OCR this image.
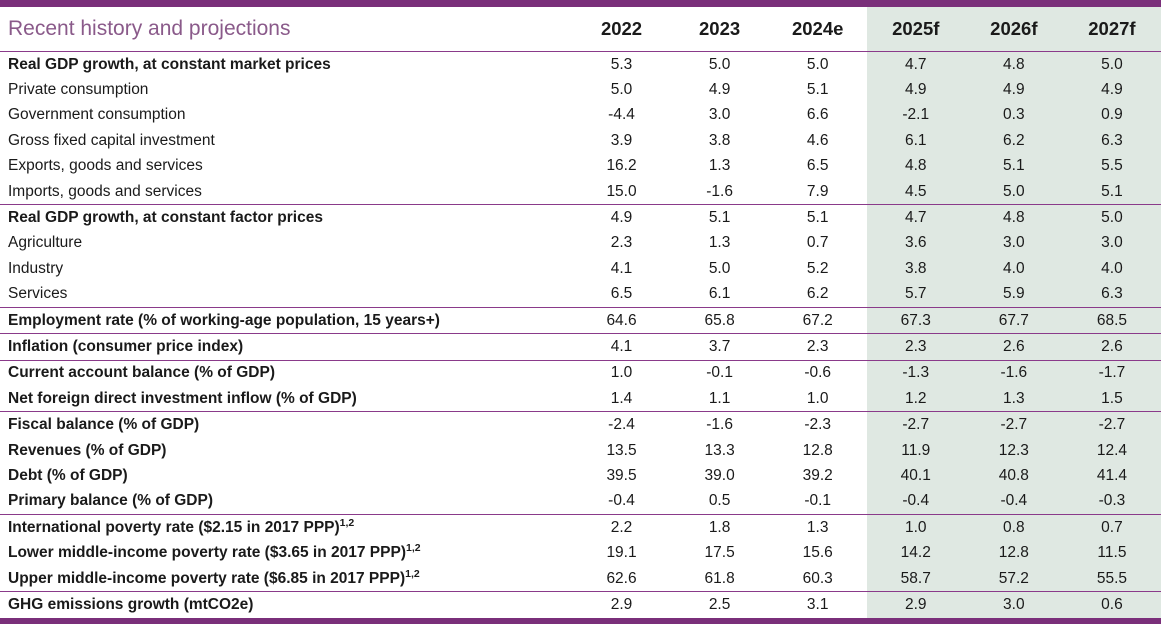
Recent history and projections	2022	2023	2024e	2025f	2026f	2027f

Real GDP growth, at constant market prices	5.3	5.0	5.0	4.7	4.8	5.0
Private consumption	5.0	4.9	5.1	4.9	4.9	4.9
Government consumption	-4.4	3.0	6.6	-2.1	0.3	0.9
Gross fixed capital investment	3.9	3.8	4.6	6.1	6.2	6.3
Exports, goods and services	16.2	1.3	6.5	4.8	5.1	5.5
Imports, goods and services	15.0	-1.6	7.9	4.5	5.0	5.1

Real GDP growth, at constant factor prices	4.9	5.1	5.1	4.7	4.8	5.0
Agriculture	2.3	1.3	0.7	3.6	3.0	3.0
Industry	4.1	5.0	5.2	3.8	4.0	4.0
Services	6.5	6.1	6.2	5.7	5.9	6.3

Employment rate (% of working-age population, 15 years+)	64.6	65.8	67.2	67.3	67.7	68.5

Inflation (consumer price index)	4.1	3.7	2.3	2.3	2.6	2.6

Current account balance (% of GDP)	1.0	-0.1	-0.6	-1.3	-1.6	-1.7
Net foreign direct investment inflow (% of GDP)	1.4	1.1	1.0	1.2	1.3	1.5

Fiscal balance (% of GDP)	-2.4	-1.6	-2.3	-2.7	-2.7	-2.7
Revenues (% of GDP)	13.5	13.3	12.8	11.9	12.3	12.4
Debt (% of GDP)	39.5	39.0	39.2	40.1	40.8	41.4
Primary balance (% of GDP)	-0.4	0.5	-0.1	-0.4	-0.4	-0.3

International poverty rate ($2.15 in 2017 PPP)$^{1,2}$	2.2	1.8	1.3	1.0	0.8	0.7
Lower middle-income poverty rate ($3.65 in 2017 PPP)$^{1,2}$	19.1	17.5	15.6	14.2	12.8	11.5
Upper middle-income poverty rate ($6.85 in 2017 PPP)$^{1,2}$	62.6	61.8	60.3	58.7	57.2	55.5

GHG emissions growth (mtCO2e)	2.9	2.5	3.1	2.9	3.0	0.6
